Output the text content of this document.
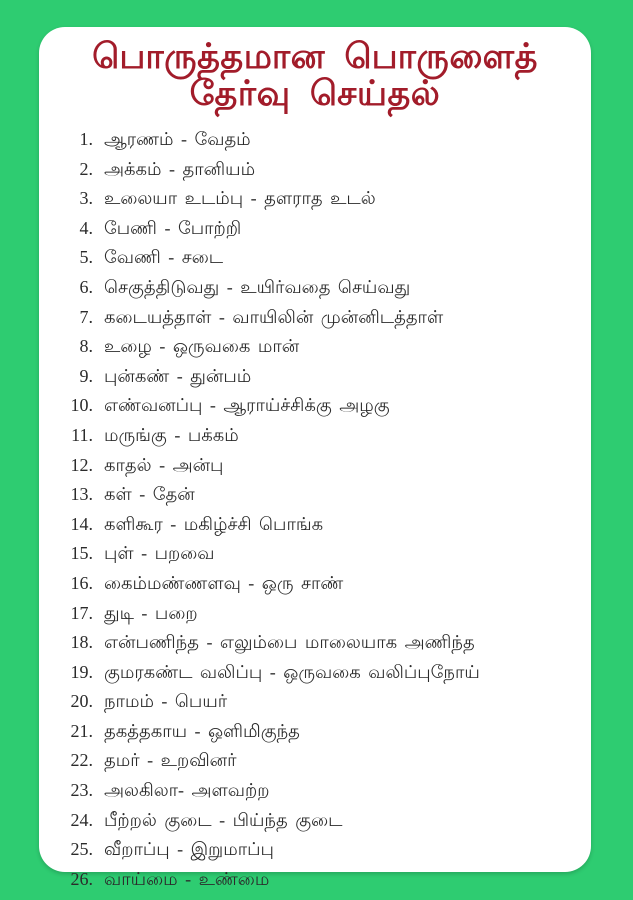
பொருத்தமான பொருளைத்
தேர்வு செய்தல்
1. ஆரணம் - வேதம்
2. அக்கம் - தானியம்
3. உலையா உடம்பு - தளராத உடல்
4. பேணி - போற்றி
5. வேணி - சடை
6. செகுத்திடுவது - உயிர்வதை செய்வது
7. கடையத்தாள் - வாயிலின் முன்னிடத்தாள்
8. உழை - ஒருவகை மான்
9. புன்கண் - துன்பம்
10. எண்வனப்பு - ஆராய்ச்சிக்கு அழகு
11. மருங்கு - பக்கம்
12. காதல் - அன்பு
13. கள் - தேன்
14. களிகூர - மகிழ்ச்சி பொங்க
15. புள் - பறவை
16. கைம்மண்ணளவு - ஒரு சாண்
17. துடி - பறை
18. என்பணிந்த - எலும்பை மாலையாக அணிந்த
19. குமரகண்ட வலிப்பு - ஒருவகை வலிப்புநோய்
20. நாமம் - பெயர்
21. தகத்தகாய - ஒளிமிகுந்த
22. தமர் - உறவினர்
23. அலகிலா- அளவற்ற
24. பீற்றல் குடை - பிய்ந்த குடை
25. வீறாப்பு - இறுமாப்பு
26. வாய்மை - உண்மை
